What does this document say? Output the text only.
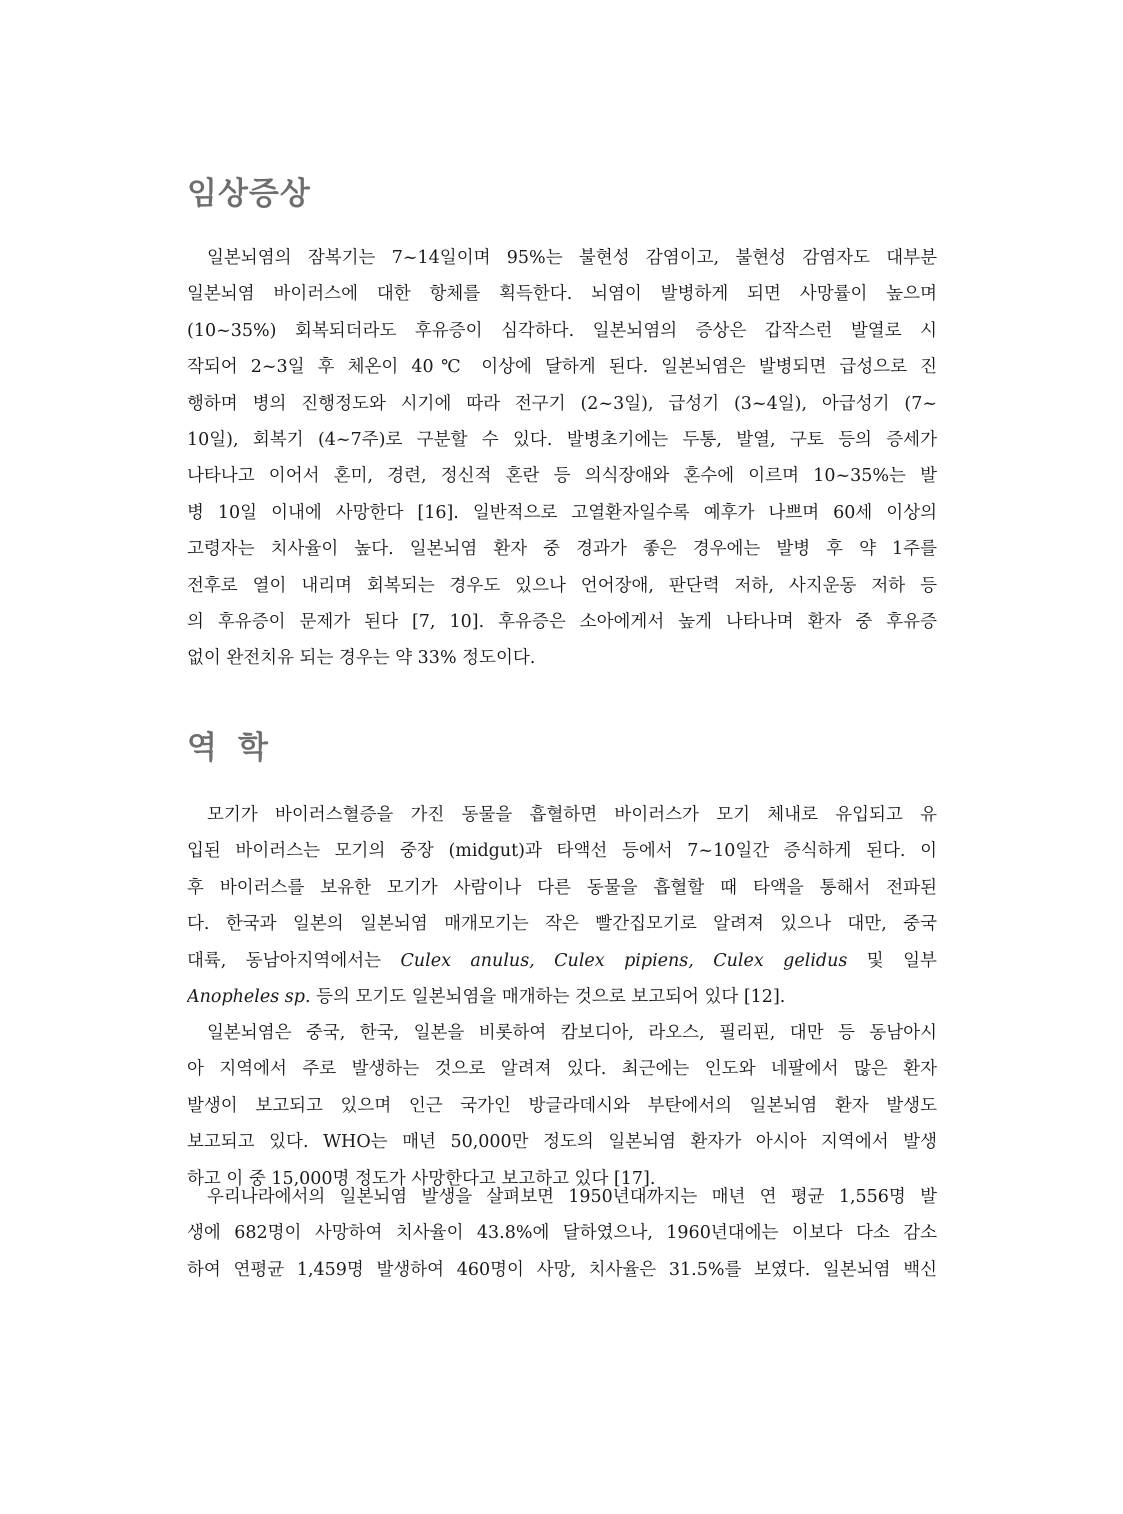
임상증상
일본뇌염의 잠복기는 7~14일이며 95%는 불현성 감염이고, 불현성 감염자도 대부분
일본뇌염 바이러스에 대한 항체를 획득한다. 뇌염이 발병하게 되면 사망률이 높으며
(10~35%) 회복되더라도 후유증이 심각하다. 일본뇌염의 증상은 갑작스런 발열로 시
작되어 2~3일 후 체온이 40℃ 이상에 달하게 된다. 일본뇌염은 발병되면 급성으로 진
행하며 병의 진행정도와 시기에 따라 전구기 (2~3일), 급성기 (3~4일), 아급성기 (7~
10일), 회복기 (4~7주)로 구분할 수 있다. 발병초기에는 두통, 발열, 구토 등의 증세가
나타나고 이어서 혼미, 경련, 정신적 혼란 등 의식장애와 혼수에 이르며 10~35%는 발
병 10일 이내에 사망한다 [16]. 일반적으로 고열환자일수록 예후가 나쁘며 60세 이상의
고령자는 치사율이 높다. 일본뇌염 환자 중 경과가 좋은 경우에는 발병 후 약 1주를
전후로 열이 내리며 회복되는 경우도 있으나 언어장애, 판단력 저하, 사지운동 저하 등
의 후유증이 문제가 된다 [7, 10]. 후유증은 소아에게서 높게 나타나며 환자 중 후유증
없이 완전치유 되는 경우는 약 33% 정도이다.
역 학
모기가 바이러스혈증을 가진 동물을 흡혈하면 바이러스가 모기 체내로 유입되고 유
입된 바이러스는 모기의 중장 (midgut)과 타액선 등에서 7~10일간 증식하게 된다. 이
후 바이러스를 보유한 모기가 사람이나 다른 동물을 흡혈할 때 타액을 통해서 전파된
다. 한국과 일본의 일본뇌염 매개모기는 작은 빨간집모기로 알려져 있으나 대만, 중국
대륙, 동남아지역에서는 Culex anulus, Culex pipiens, Culex gelidus 및 일부
Anopheles sp. 등의 모기도 일본뇌염을 매개하는 것으로 보고되어 있다 [12].
일본뇌염은 중국, 한국, 일본을 비롯하여 캄보디아, 라오스, 필리핀, 대만 등 동남아시
아 지역에서 주로 발생하는 것으로 알려져 있다. 최근에는 인도와 네팔에서 많은 환자
발생이 보고되고 있으며 인근 국가인 방글라데시와 부탄에서의 일본뇌염 환자 발생도
보고되고 있다. WHO는 매년 50,000만 정도의 일본뇌염 환자가 아시아 지역에서 발생
하고 이 중 15,000명 정도가 사망한다고 보고하고 있다 [17].
우리나라에서의 일본뇌염 발생을 살펴보면 1950년대까지는 매년 연 평균 1,556명 발
생에 682명이 사망하여 치사율이 43.8%에 달하였으나, 1960년대에는 이보다 다소 감소
하여 연평균 1,459명 발생하여 460명이 사망, 치사율은 31.5%를 보였다. 일본뇌염 백신
